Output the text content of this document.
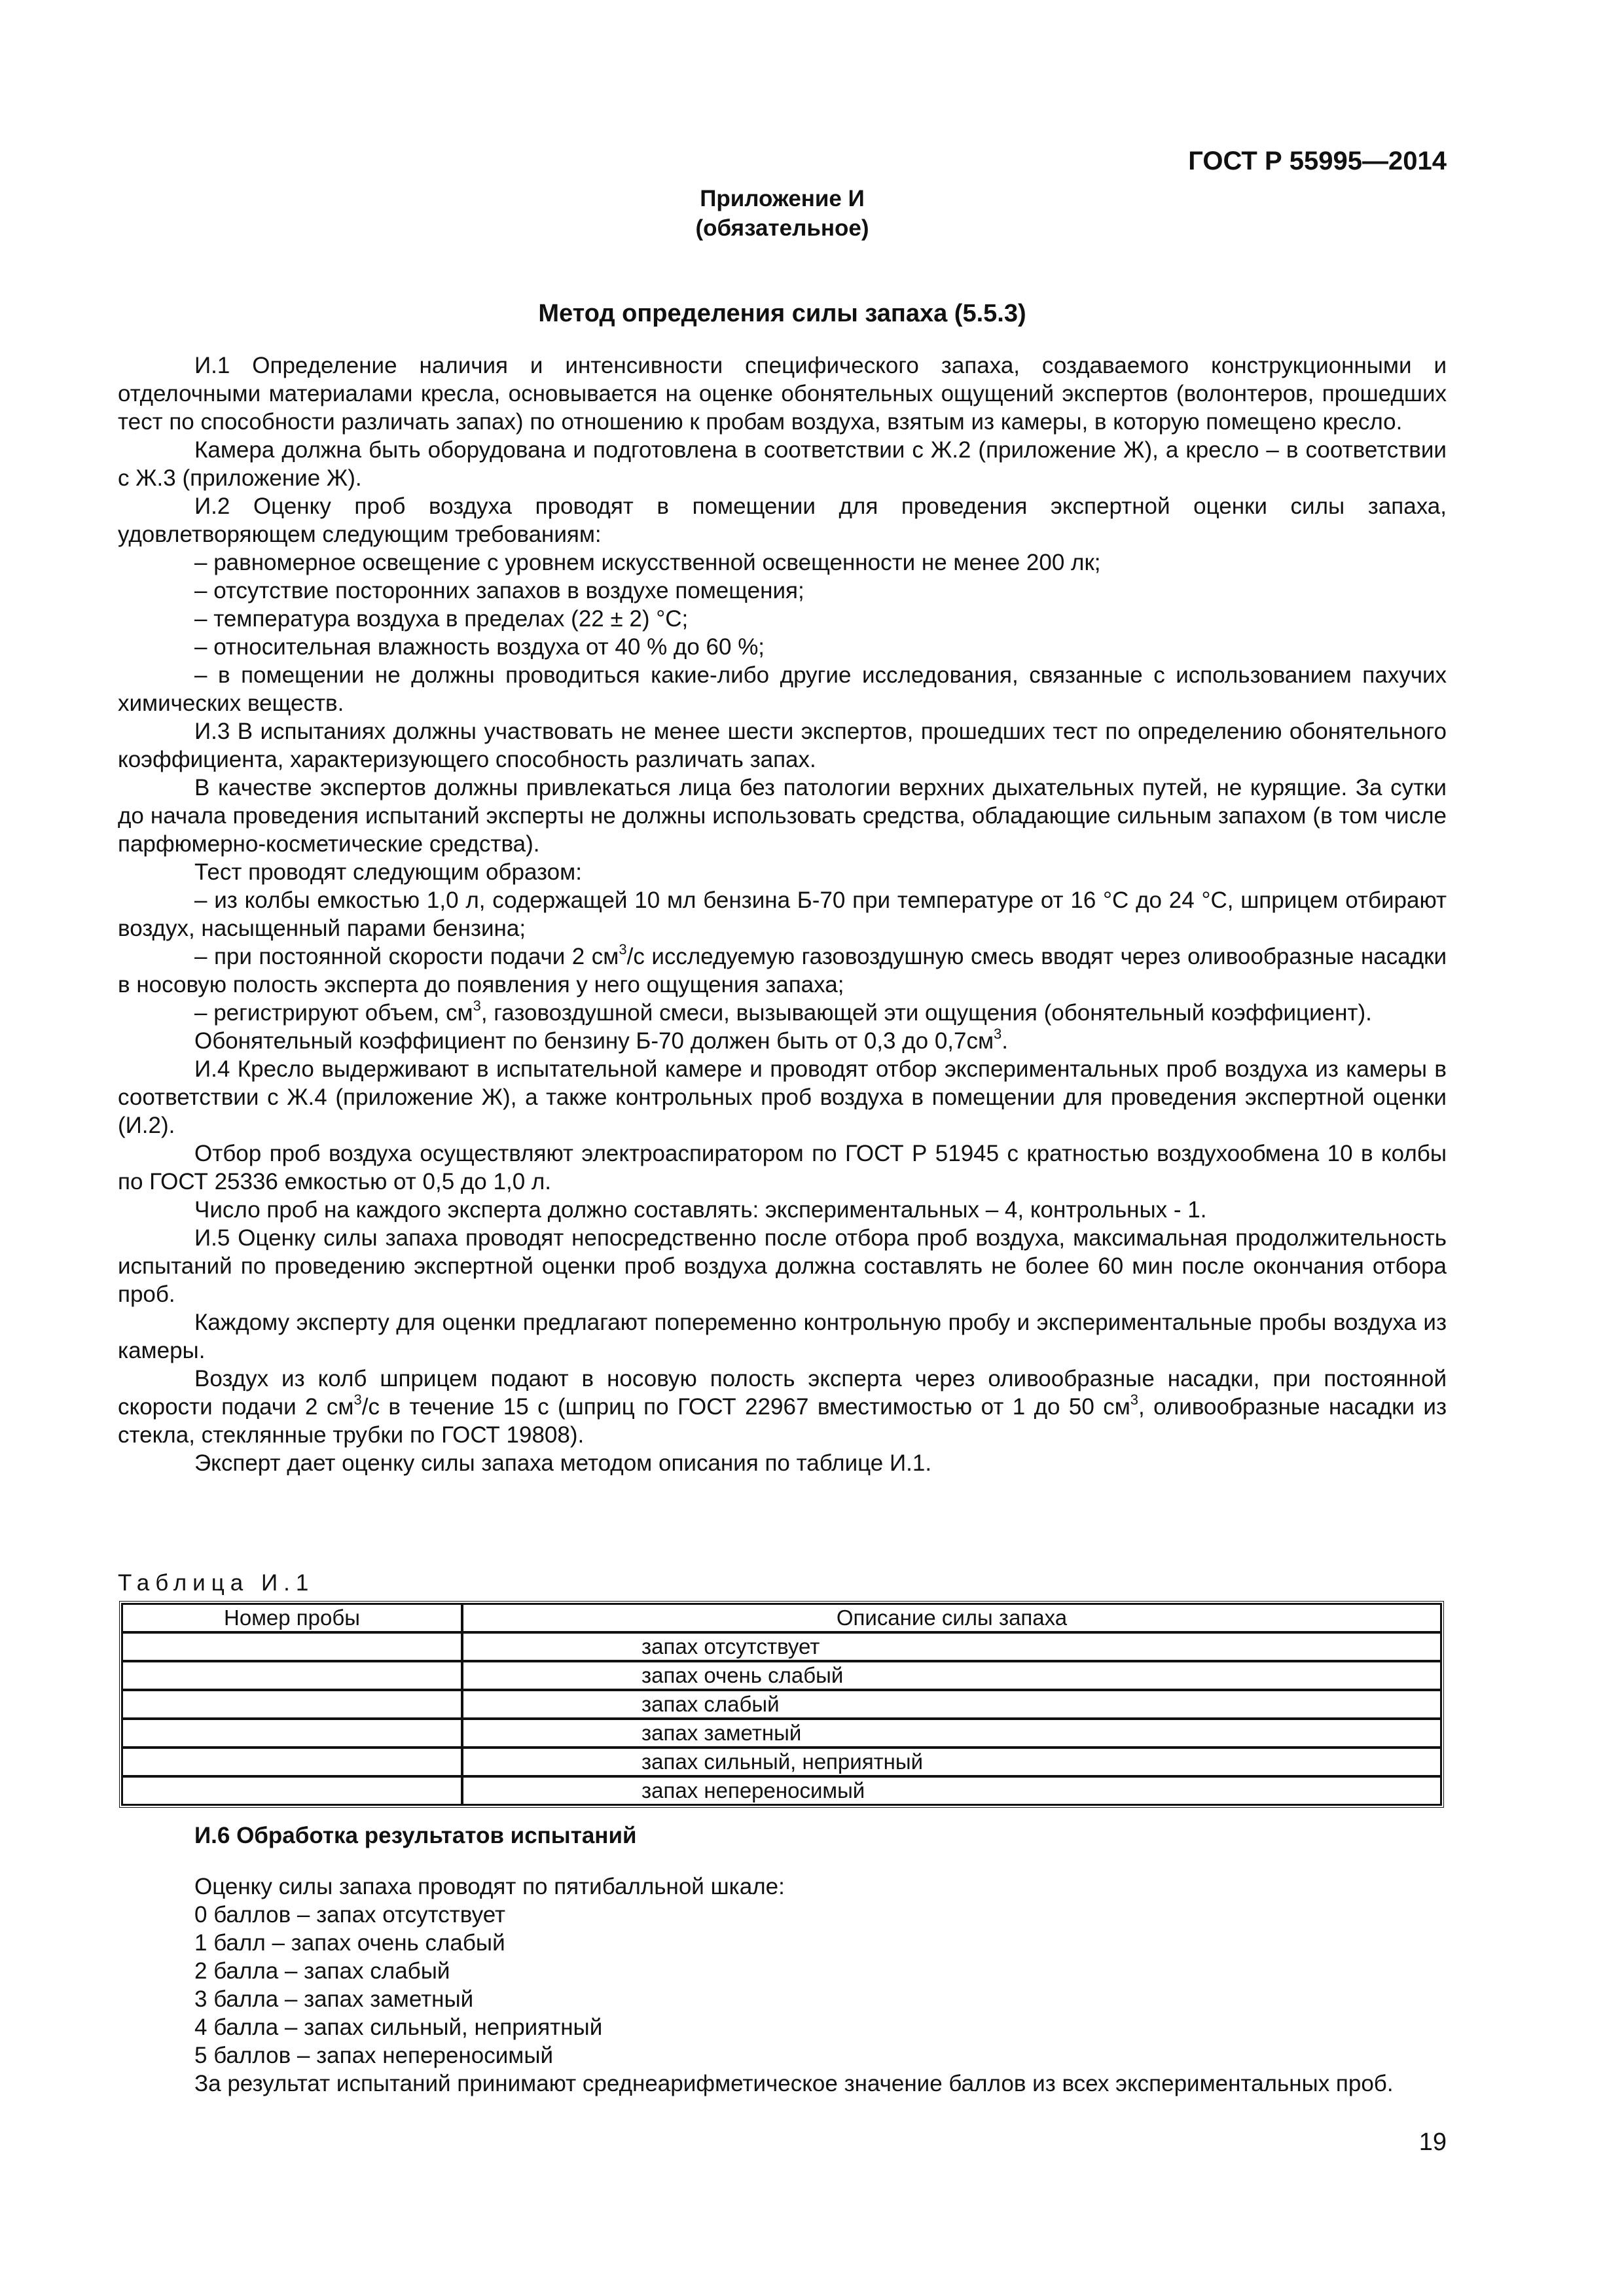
ГОСТ Р 55995—2014
Приложение И
(обязательное)
Метод определения силы запаха (5.5.3)

И.1 Определение наличия и интенсивности специфического запаха, создаваемого конструкционными и отделочными материалами кресла, основывается на оценке обонятельных ощущений экспертов (волонтеров, прошедших тест по способности различать запах) по отношению к пробам воздуха, взятым из камеры, в которую помещено кресло.

Камера должна быть оборудована и подготовлена в соответствии с Ж.2 (приложение Ж), а кресло – в соответствии с Ж.3 (приложение Ж).

И.2 Оценку проб воздуха проводят в помещении для проведения экспертной оценки силы запаха, удовлетворяющем следующим требованиям:

– равномерное освещение с уровнем искусственной освещенности не менее 200 лк;

– отсутствие посторонних запахов в воздухе помещения;

– температура воздуха в пределах (22 ± 2) °С;

– относительная влажность воздуха от 40 % до 60 %;

– в помещении не должны проводиться какие-либо другие исследования, связанные с использованием пахучих химических веществ.

И.3 В испытаниях должны участвовать не менее шести экспертов, прошедших тест по определению обонятельного коэффициента, характеризующего способность различать запах.

В качестве экспертов должны привлекаться лица без патологии верхних дыхательных путей, не курящие. За сутки до начала проведения испытаний эксперты не должны использовать средства, обладающие сильным запахом (в том числе парфюмерно-косметические средства).

Тест проводят следующим образом:

– из колбы емкостью 1,0 л, содержащей 10 мл бензина Б-70 при температуре от 16 °С до 24 °С, шприцем отбирают воздух, насыщенный парами бензина;

– при постоянной скорости подачи 2 $см^3/с$ исследуемую газовоздушную смесь вводят через оливообразные насадки в носовую полость эксперта до появления у него ощущения запаха;

– регистрируют объем, $см^3$, газовоздушной смеси, вызывающей эти ощущения (обонятельный коэффициент).

Обонятельный коэффициент по бензину Б-70 должен быть от 0,3 до $0,7см^3$.

И.4 Кресло выдерживают в испытательной камере и проводят отбор экспериментальных проб воздуха из камеры в соответствии с Ж.4 (приложение Ж), а также контрольных проб воздуха в помещении для проведения экспертной оценки (И.2).

Отбор проб воздуха осуществляют электроаспиратором по ГОСТ Р 51945 с кратностью воздухообмена 10 в колбы по ГОСТ 25336 емкостью от 0,5 до 1,0 л.

Число проб на каждого эксперта должно составлять: экспериментальных – 4, контрольных - 1.

И.5 Оценку силы запаха проводят непосредственно после отбора проб воздуха, максимальная продолжительность испытаний по проведению экспертной оценки проб воздуха должна составлять не более 60 мин после окончания отбора проб.

Каждому эксперту для оценки предлагают попеременно контрольную пробу и экспериментальные пробы воздуха из камеры.

Воздух из колб шприцем подают в носовую полость эксперта через оливообразные насадки, при постоянной скорости подачи 2 $см^3/с$ в течение 15 с (шприц по ГОСТ 22967 вместимостью от 1 до 50 $см^3$, оливообразные насадки из стекла, стеклянные трубки по ГОСТ 19808).

Эксперт дает оценку силы запаха методом описания по таблице И.1.

Таблица И.1
Номер пробы	Описание силы запаха
	запах отсутствует
	запах очень слабый
	запах слабый
	запах заметный
	запах сильный, неприятный
	запах непереносимый
И.6 Обработка результатов испытаний

Оценку силы запаха проводят по пятибалльной шкале:

0 баллов – запах отсутствует

1 балл – запах очень слабый

2 балла – запах слабый

3 балла – запах заметный

4 балла – запах сильный, неприятный

5 баллов – запах непереносимый

За результат испытаний принимают среднеарифметическое значение баллов из всех экспериментальных проб.

19
